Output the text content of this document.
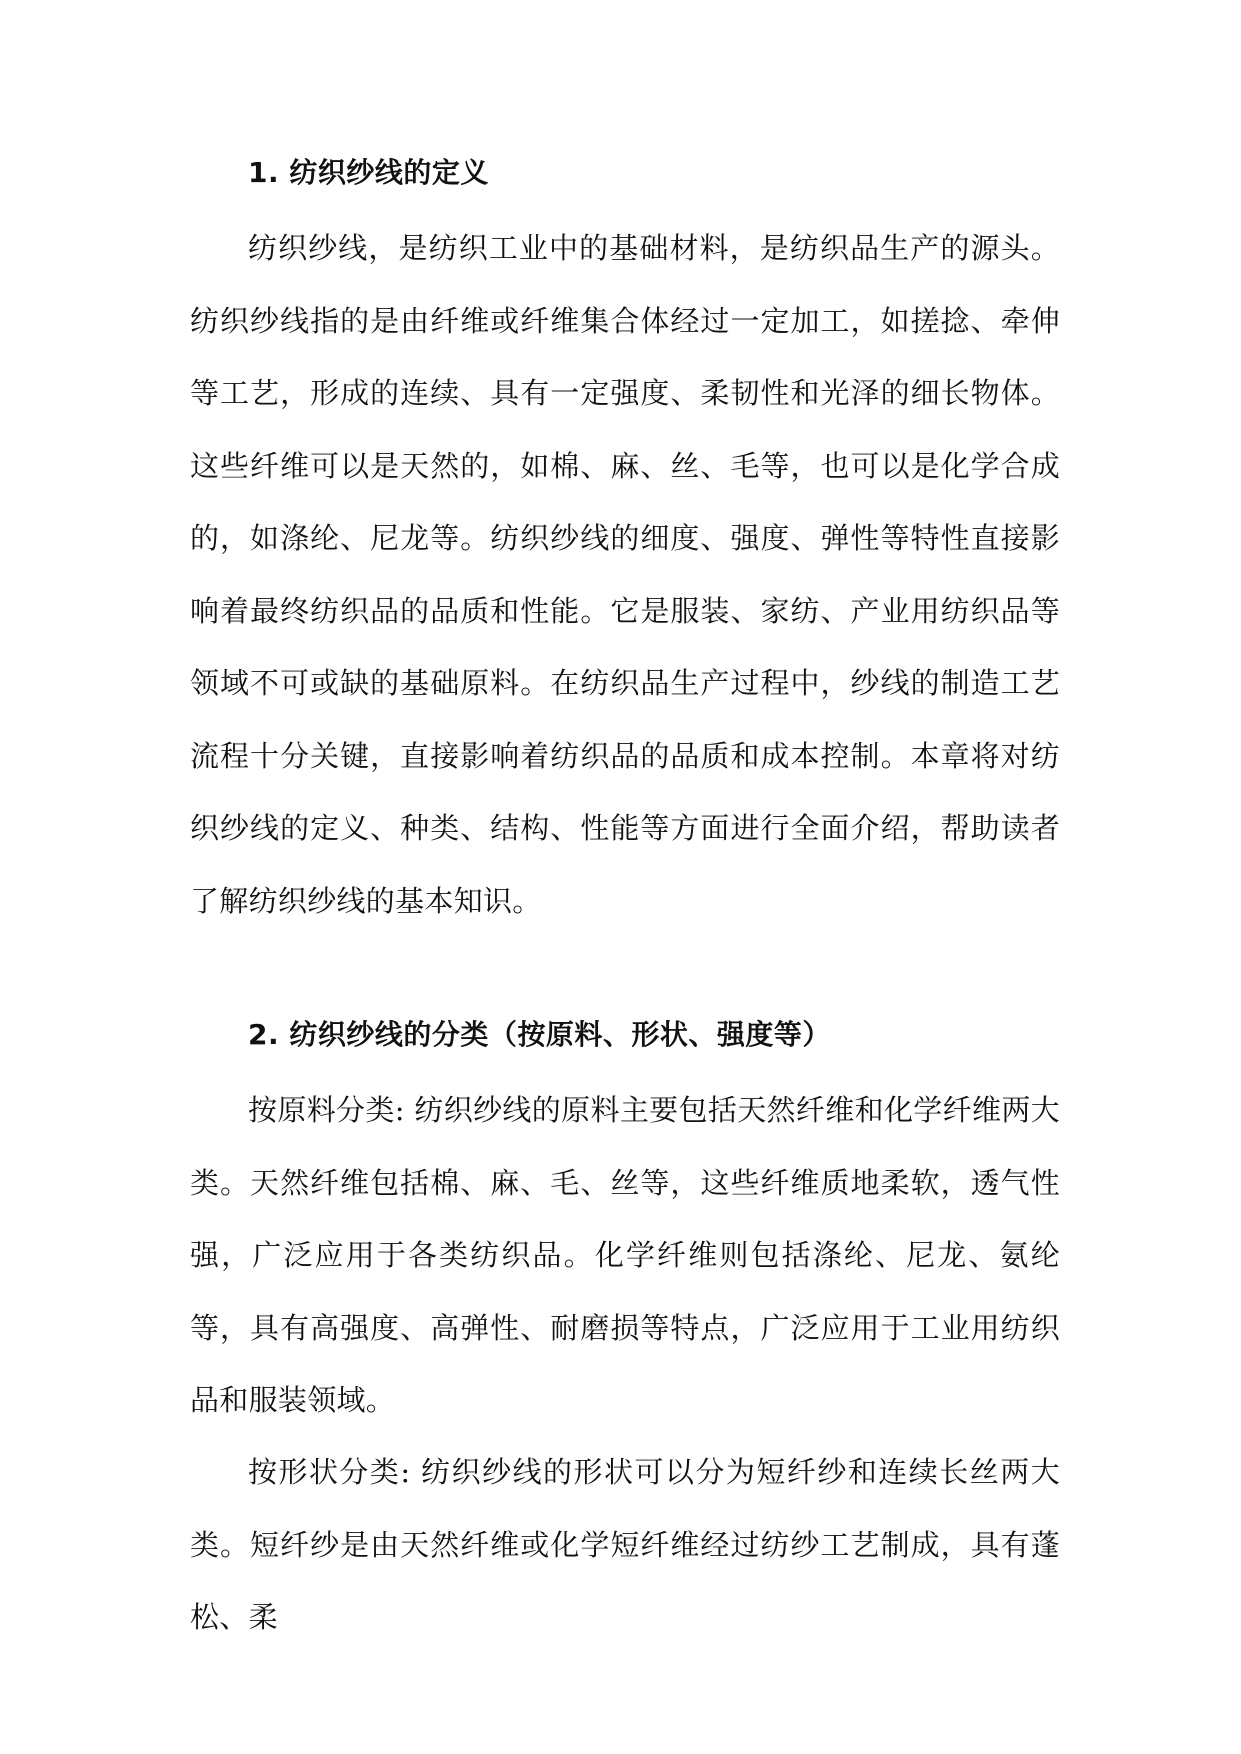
1. 纺织纱线的定义
纺织纱线，是纺织工业中的基础材料，是纺织品生产的源头。纺织纱线指的是由纤维或纤维集合体经过一定加工，如搓捻、牵伸等工艺，形成的连续、具有一定强度、柔韧性和光泽的细长物体。这些纤维可以是天然的，如棉、麻、丝、毛等，也可以是化学合成的，如涤纶、尼龙等。纺织纱线的细度、强度、弹性等特性直接影响着最终纺织品的品质和性能。它是服装、家纺、产业用纺织品等领域不可或缺的基础原料。在纺织品生产过程中，纱线的制造工艺流程十分关键，直接影响着纺织品的品质和成本控制。本章将对纺织纱线的定义、种类、结构、性能等方面进行全面介绍，帮助读者了解纺织纱线的基本知识。
2. 纺织纱线的分类（按原料、形状、强度等）
按原料分类: 纺织纱线的原料主要包括天然纤维和化学纤维两大类。天然纤维包括棉、麻、毛、丝等，这些纤维质地柔软，透气性强，广泛应用于各类纺织品。化学纤维则包括涤纶、尼龙、氨纶等，具有高强度、高弹性、耐磨损等特点，广泛应用于工业用纺织品和服装领域。
按形状分类: 纺织纱线的形状可以分为短纤纱和连续长丝两大类。短纤纱是由天然纤维或化学短纤维经过纺纱工艺制成，具有蓬松、柔
